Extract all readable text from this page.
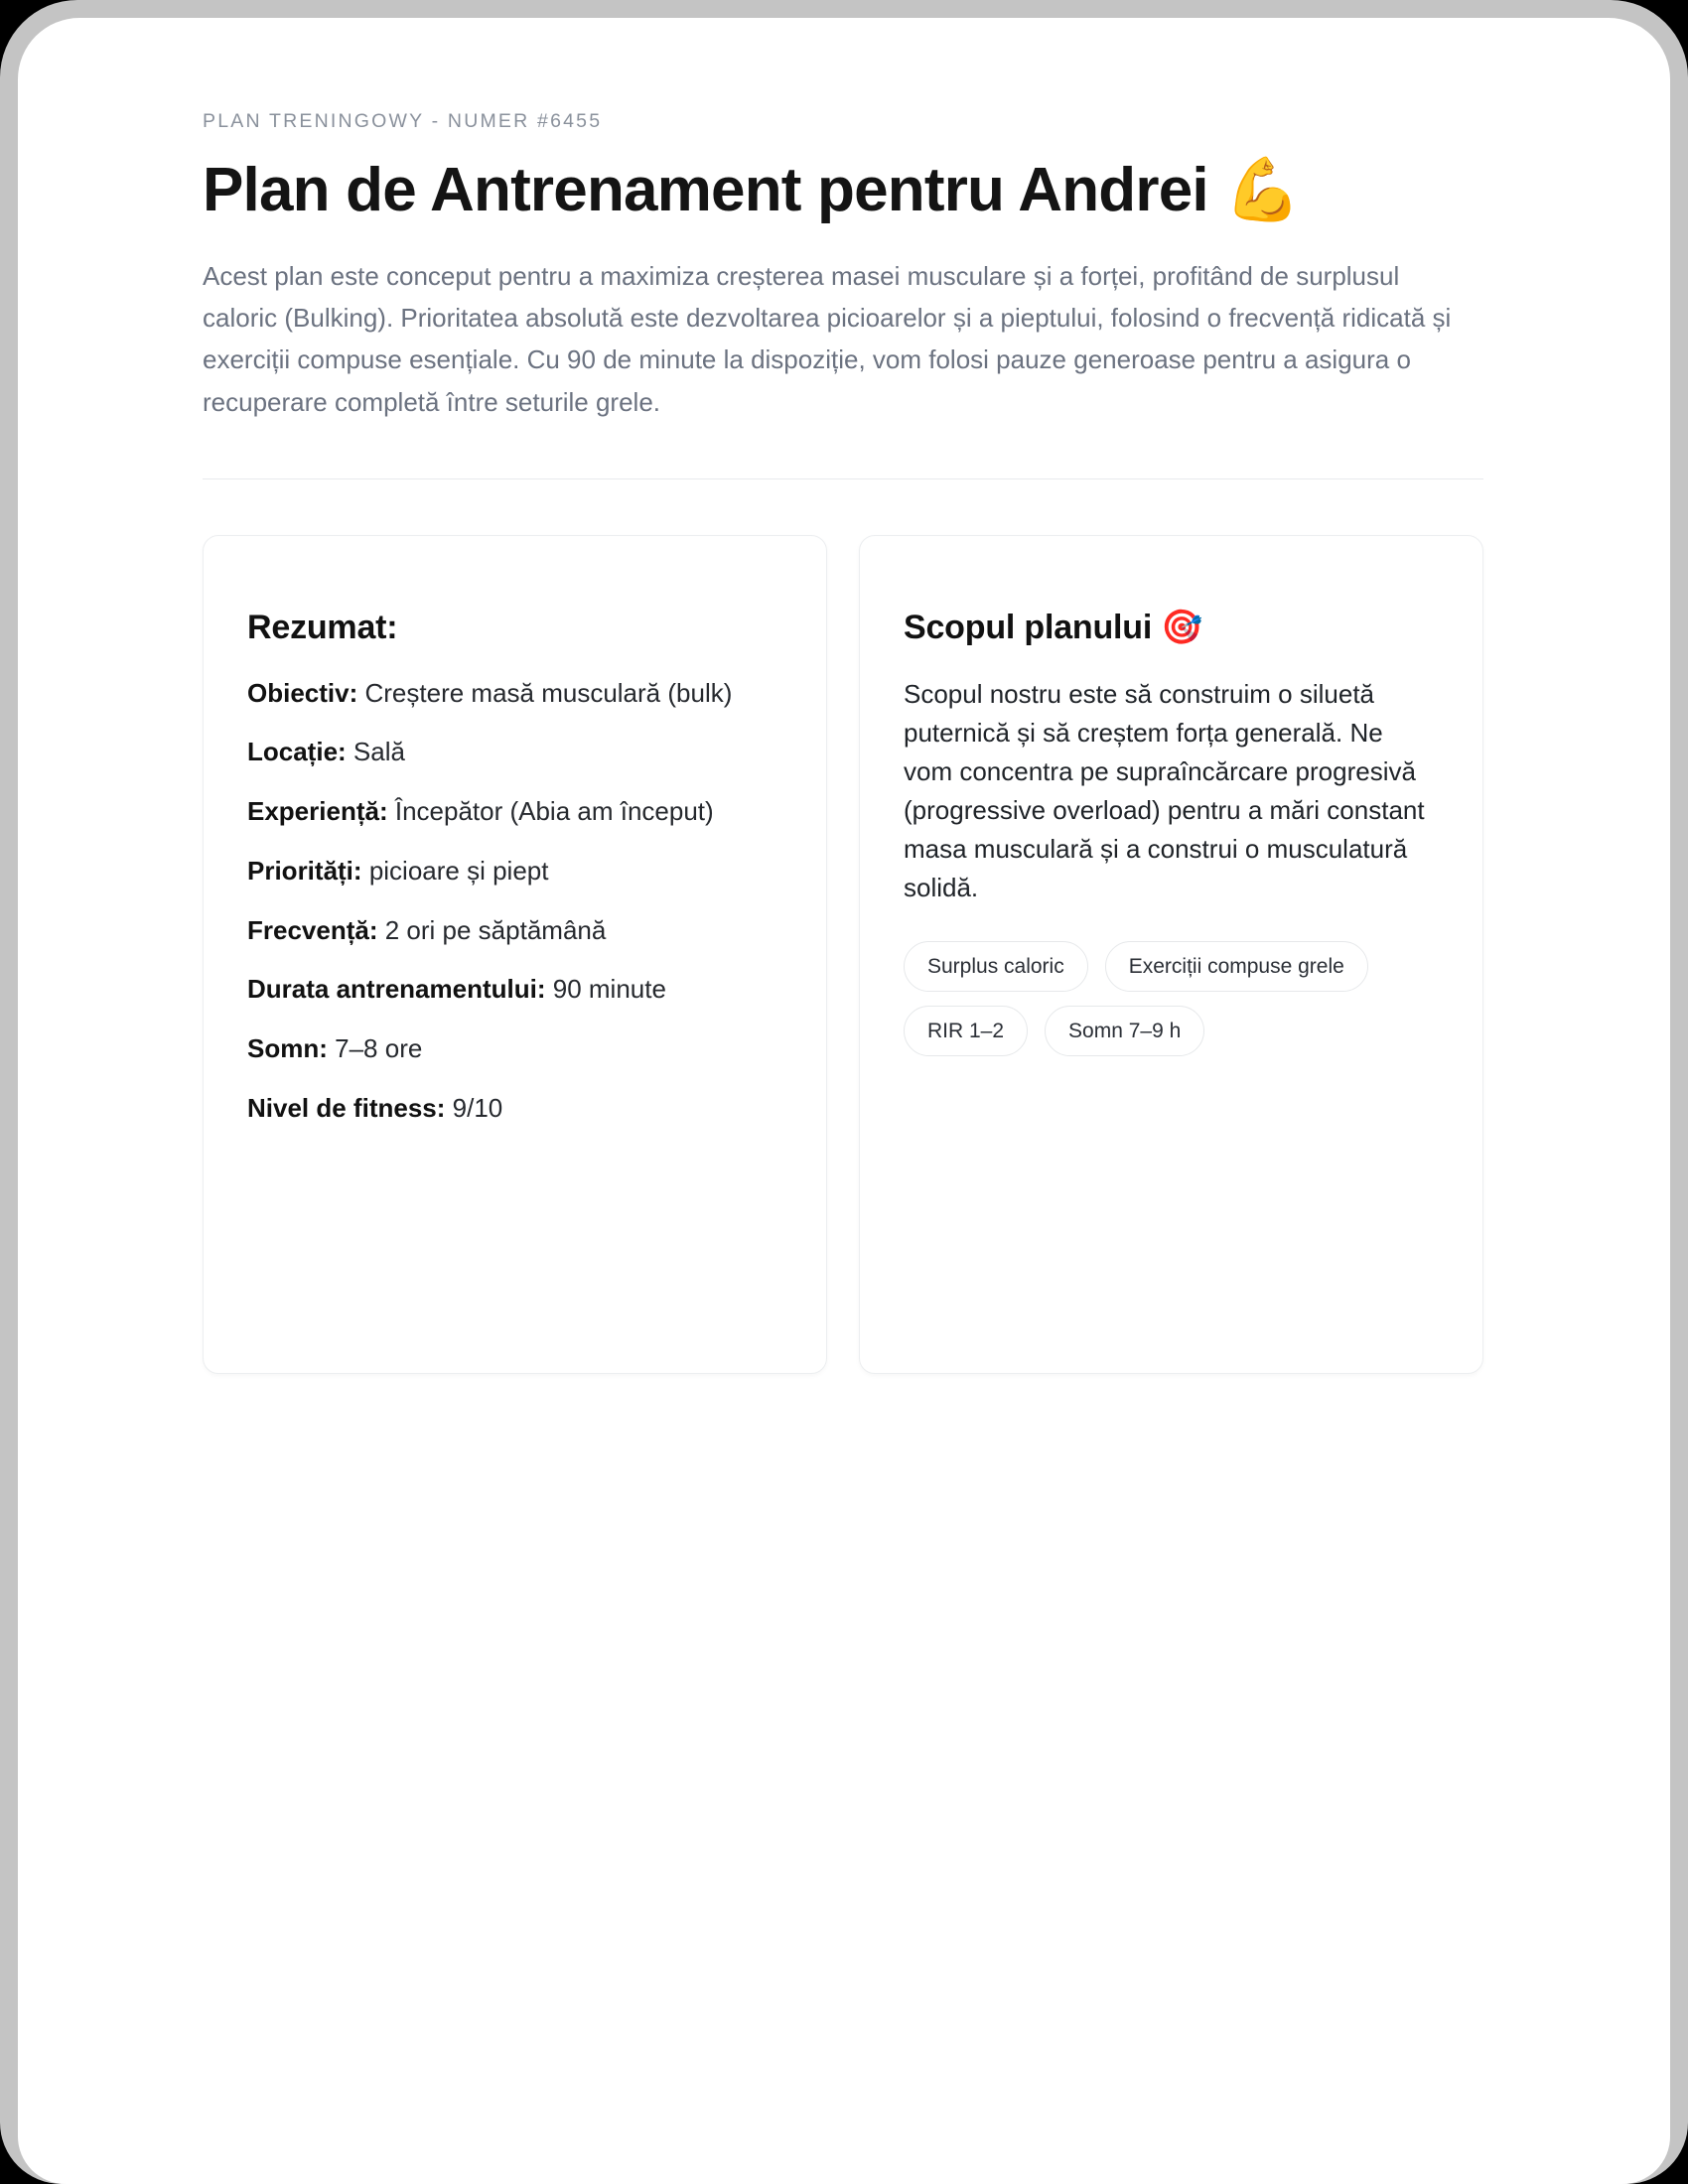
PLAN TRENINGOWY - NUMER #6455
Plan de Antrenament pentru Andrei 💪

Acest plan este conceput pentru a maximiza creșterea masei musculare și a forței, profitând de surplusul caloric (Bulking). Prioritatea absolută este dezvoltarea picioarelor și a pieptului, folosind o frecvență ridicată și exerciții compuse esențiale. Cu 90 de minute la dispoziție, vom folosi pauze generoase pentru a asigura o recuperare completă între seturile grele.

Rezumat:
Obiectiv: Creștere masă musculară (bulk)
Locație: Sală
Experiență: Începător (Abia am început)
Priorități: picioare și piept
Frecvență: 2 ori pe săptămână
Durata antrenamentului: 90 minute
Somn: 7–8 ore
Nivel de fitness: 9/10
Scopul planului 🎯

Scopul nostru este să construim o siluetă puternică și să creștem forța generală. Ne vom concentra pe supraîncărcare progresivă (progressive overload) pentru a mări constant masa musculară și a construi o musculatură solidă.

Surplus caloric	Exerciții compuse grele
RIR 1–2	Somn 7–9 h
